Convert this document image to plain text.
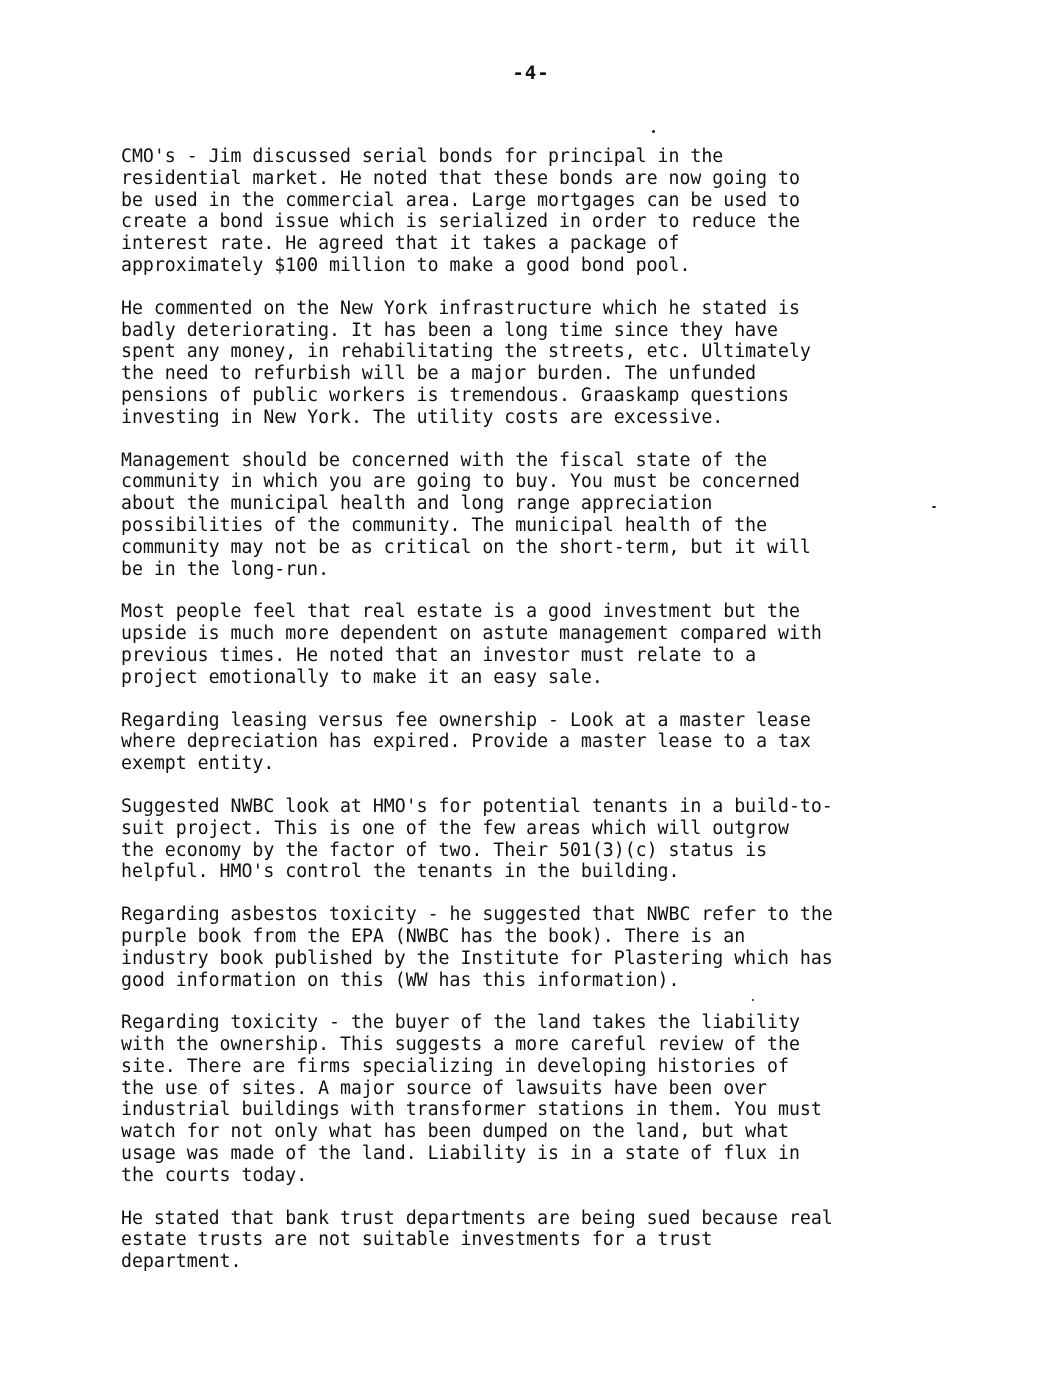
-4-

CMO's - Jim discussed serial bonds for principal in the
residential market. He noted that these bonds are now going to
be used in the commercial area. Large mortgages can be used to
create a bond issue which is serialized in order to reduce the
interest rate. He agreed that it takes a package of
approximately $100 million to make a good bond pool.

He commented on the New York infrastructure which he stated is
badly deteriorating. It has been a long time since they have
spent any money, in rehabilitating the streets, etc. Ultimately
the need to refurbish will be a major burden. The unfunded
pensions of public workers is tremendous. Graaskamp questions
investing in New York. The utility costs are excessive.

Management should be concerned with the fiscal state of the
community in which you are going to buy. You must be concerned
about the municipal health and long range appreciation
possibilities of the community. The municipal health of the
community may not be as critical on the short-term, but it will
be in the long-run.

Most people feel that real estate is a good investment but the
upside is much more dependent on astute management compared with
previous times. He noted that an investor must relate to a
project emotionally to make it an easy sale.

Regarding leasing versus fee ownership - Look at a master lease
where depreciation has expired. Provide a master lease to a tax
exempt entity.

Suggested NWBC look at HMO's for potential tenants in a build-to-
suit project. This is one of the few areas which will outgrow
the economy by the factor of two. Their 501(3)(c) status is
helpful. HMO's control the tenants in the building.

Regarding asbestos toxicity - he suggested that NWBC refer to the
purple book from the EPA (NWBC has the book). There is an
industry book published by the Institute for Plastering which has
good information on this (WW has this information).

Regarding toxicity - the buyer of the land takes the liability
with the ownership. This suggests a more careful review of the
site. There are firms specializing in developing histories of
the use of sites. A major source of lawsuits have been over
industrial buildings with transformer stations in them. You must
watch for not only what has been dumped on the land, but what
usage was made of the land. Liability is in a state of flux in
the courts today.

He stated that bank trust departments are being sued because real
estate trusts are not suitable investments for a trust
department.
